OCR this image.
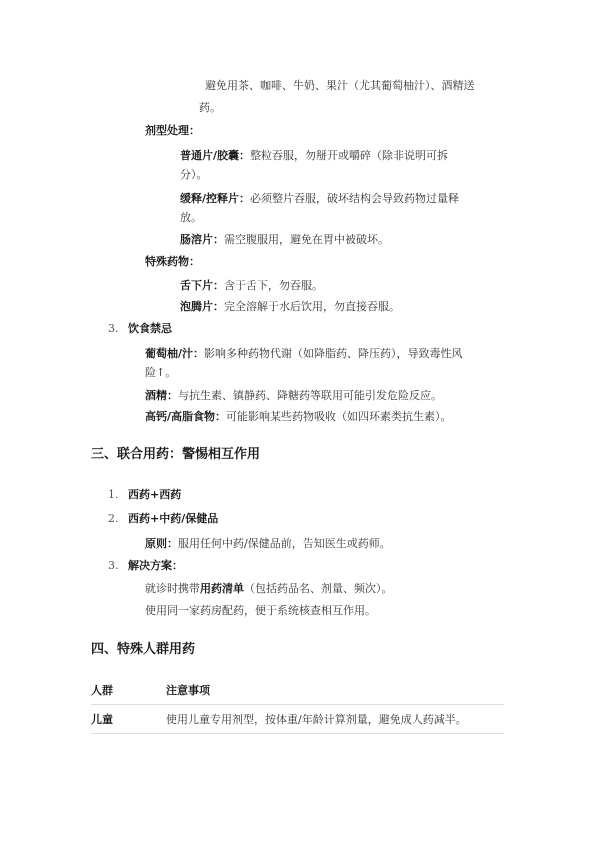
避免用茶、咖啡、牛奶、果汁（尤其葡萄柚汁）、酒精送
药。
剂型处理：
普通片/胶囊：整粒吞服，勿掰开或嚼碎（除非说明可拆
分）。
缓释/控释片：必须整片吞服，破坏结构会导致药物过量释
放。
肠溶片：需空腹服用，避免在胃中被破坏。
特殊药物：
舌下片：含于舌下，勿吞服。
泡腾片：完全溶解于水后饮用，勿直接吞服。
3. 饮食禁忌
葡萄柚/汁：影响多种药物代谢（如降脂药、降压药），导致毒性风
险↑。
酒精：与抗生素、镇静药、降糖药等联用可能引发危险反应。
高钙/高脂食物：可能影响某些药物吸收（如四环素类抗生素）。
三、联合用药：警惕相互作用
1. 西药+西药
2. 西药+中药/保健品
原则：服用任何中药/保健品前，告知医生或药师。
3. 解决方案：
就诊时携带用药清单（包括药品名、剂量、频次）。
使用同一家药房配药，便于系统核查相互作用。
四、特殊人群用药
人群	注意事项
儿童	使用儿童专用剂型，按体重/年龄计算剂量，避免成人药减半。
